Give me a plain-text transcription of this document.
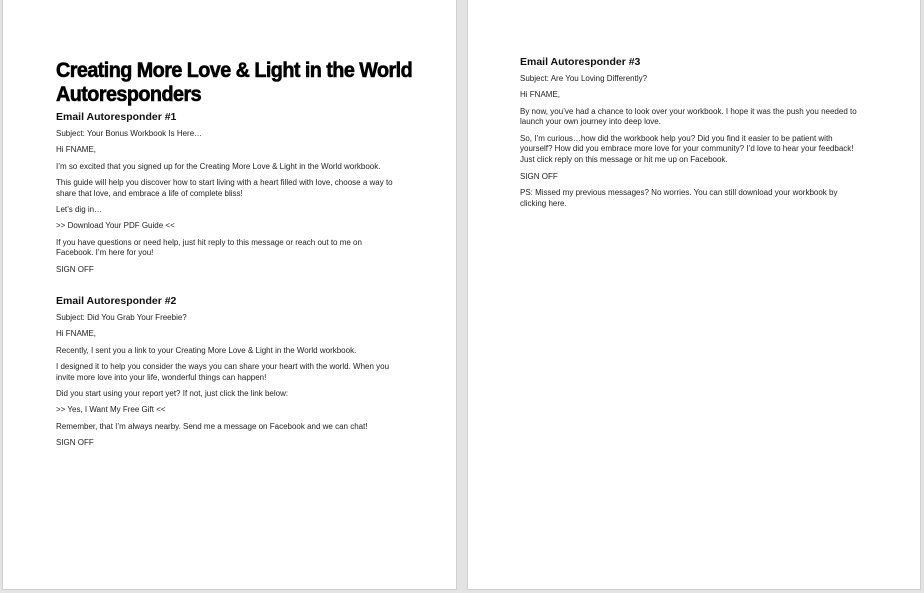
Creating More Love & Light in the World Autoresponders
Email Autoresponder #1

Subject: Your Bonus Workbook Is Here…

Hi FNAME,

I’m so excited that you signed up for the Creating More Love & Light in the World workbook.

This guide will help you discover how to start living with a heart filled with love, choose a way to share that love, and embrace a life of complete bliss!

Let’s dig in…

>> Download Your PDF Guide <<

If you have questions or need help, just hit reply to this message or reach out to me on Facebook. I’m here for you!

SIGN OFF

Email Autoresponder #2

Subject: Did You Grab Your Freebie?

Hi FNAME,

Recently, I sent you a link to your Creating More Love & Light in the World workbook.

I designed it to help you consider the ways you can share your heart with the world. When you invite more love into your life, wonderful things can happen!

Did you start using your report yet? If not, just click the link below:

>> Yes, I Want My Free Gift <<

Remember, that I’m always nearby. Send me a message on Facebook and we can chat!

SIGN OFF

Email Autoresponder #3

Subject: Are You Loving Differently?

Hi FNAME,

By now, you’ve had a chance to look over your workbook. I hope it was the push you needed to launch your own journey into deep love.

So, I’m curious…how did the workbook help you? Did you find it easier to be patient with yourself? How did you embrace more love for your community? I’d love to hear your feedback! Just click reply on this message or hit me up on Facebook.

SIGN OFF

PS: Missed my previous messages? No worries. You can still download your workbook by clicking here.
